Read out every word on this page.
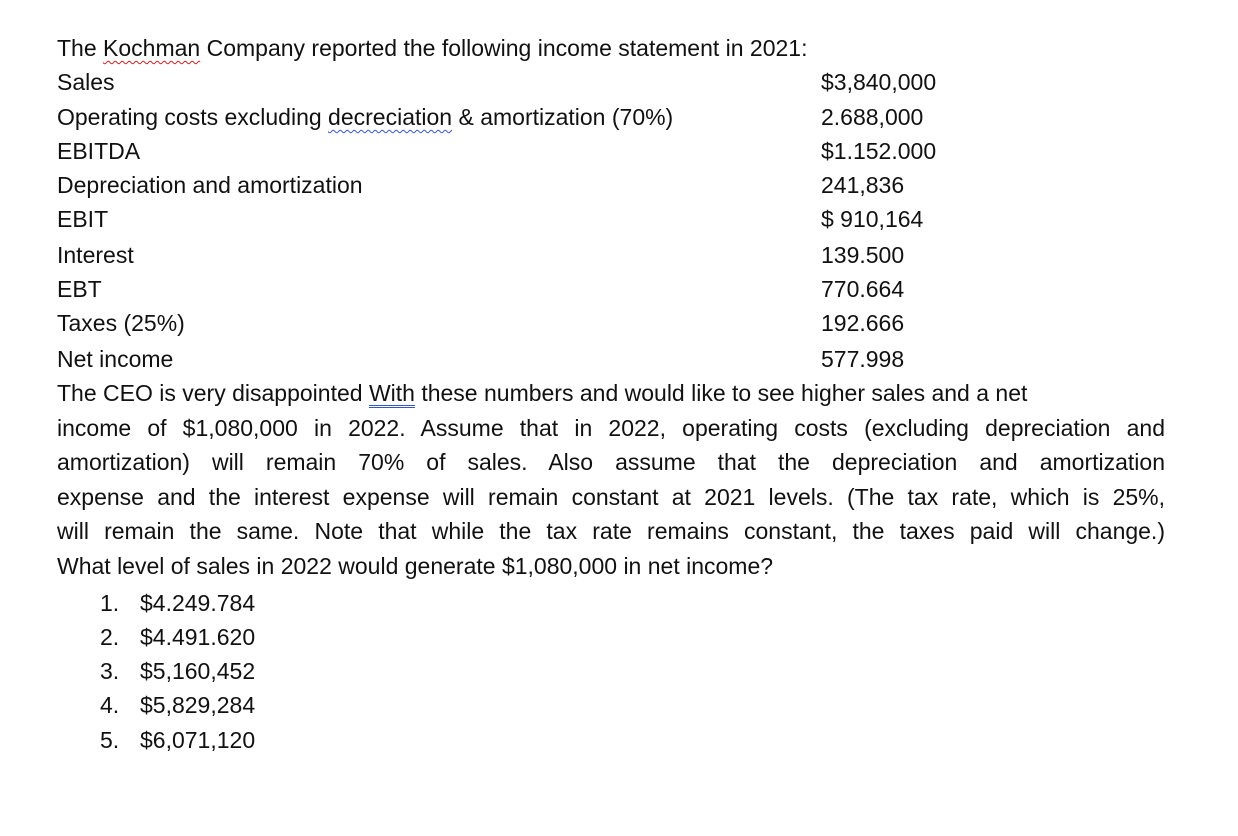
The Kochman Company reported the following income statement in 2021:
Sales	$3,840,000
Operating costs excluding decreciation & amortization (70%)	2.688,000
EBITDA	$1.152.000
Depreciation and amortization	241,836
EBIT	$ 910,164
Interest	139.500
EBT	770.664
Taxes (25%)	192.666
Net income	577.998
The CEO is very disappointed With these numbers and would like to see higher sales and a net
income of $1,080,000 in 2022. Assume that in 2022, operating costs (excluding depreciation and
amortization) will remain 70% of sales. Also assume that the depreciation and amortization
expense and the interest expense will remain constant at 2021 levels. (The tax rate, which is 25%,
will remain the same. Note that while the tax rate remains constant, the taxes paid will change.)
What level of sales in 2022 would generate $1,080,000 in net income?
1. $4.249.784
2. $4.491.620
3. $5,160,452
4. $5,829,284
5. $6,071,120
